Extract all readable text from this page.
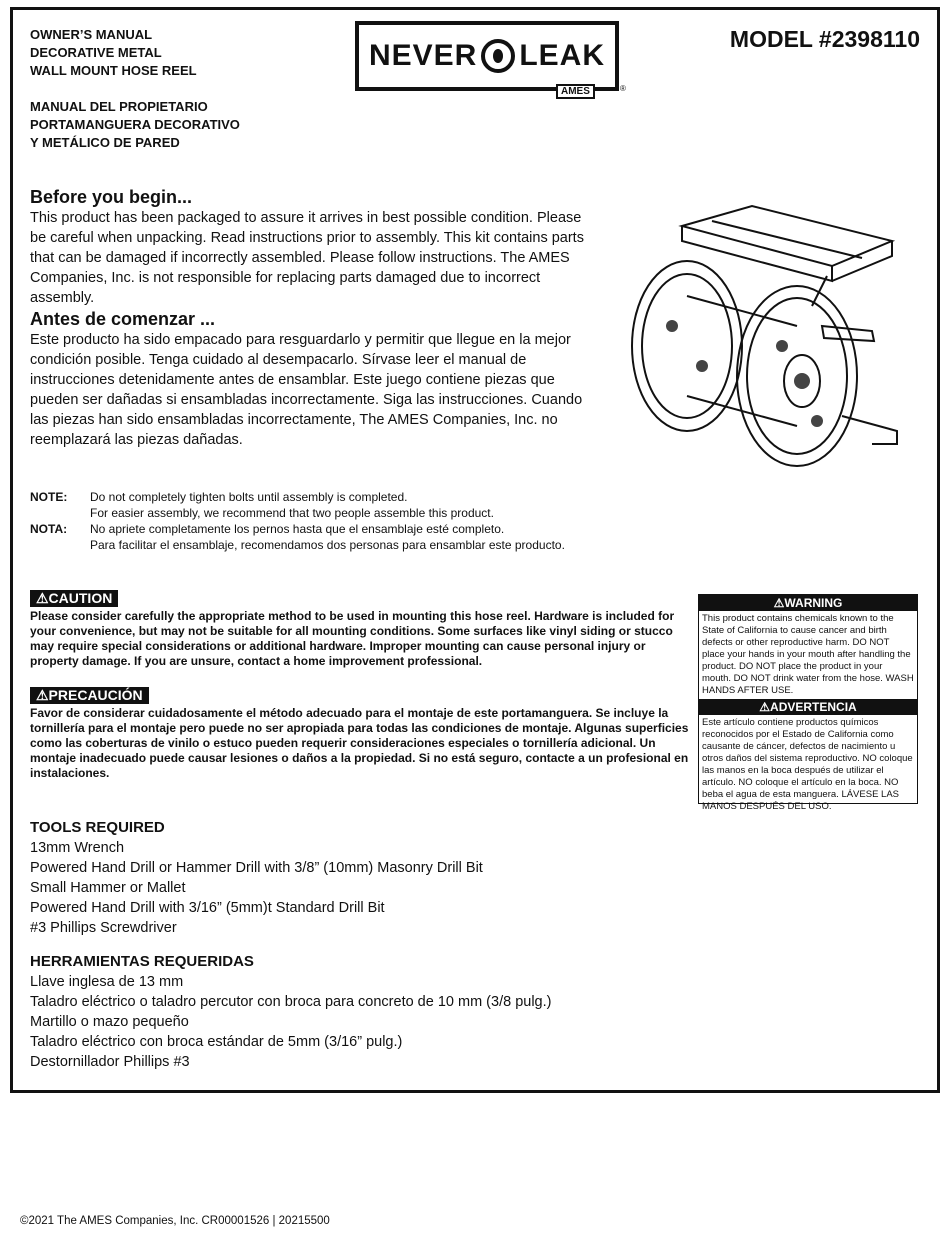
OWNER’S MANUAL
DECORATIVE METAL
WALL MOUNT HOSE REEL
MANUAL DEL PROPIETARIO
PORTAMANGUERA DECORATIVO
Y METÁLICO DE PARED
NEVER LEAK
AMES	®
MODEL #2398110
Before you begin...

This product has been packaged to assure it arrives in best possible condition. Please be careful when unpacking. Read instructions prior to assembly. This kit contains parts that can be damaged if incorrectly assembled. Please follow instructions. The AMES Companies, Inc. is not responsible for replacing parts damaged due to incorrect assembly.

Antes de comenzar ...

Este producto ha sido empacado para resguardarlo y permitir que llegue en la mejor condición posible. Tenga cuidado al desempacarlo. Sírvase leer el manual de instrucciones detenidamente antes de ensamblar. Este juego contiene piezas que pueden ser dañadas si ensambladas incorrectamente. Siga las instrucciones. Cuando las piezas han sido ensambladas incorrectamente, The AMES Companies, Inc. no reemplazará las piezas dañadas.

NOTE:	Do not completely tighten bolts until assembly is completed.
For easier assembly, we recommend that two people assemble this product.
NOTA:	No apriete completamente los pernos hasta que el ensamblaje esté completo.
Para facilitar el ensamblaje, recomendamos dos personas para ensamblar este producto.
⚠CAUTION

Please consider carefully the appropriate method to be used in mounting this hose reel. Hardware is included for your convenience, but may not be suitable for all mounting conditions. Some surfaces like vinyl siding or stucco may require special considerations or additional hardware. Improper mounting can cause personal injury or property damage. If you are unsure, contact a home improvement professional.

⚠PRECAUCIÓN

Favor de considerar cuidadosamente el método adecuado para el montaje de este portamanguera. Se incluye la tornillería para el montaje pero puede no ser apropiada para todas las condiciones de montaje. Algunas superficies como las coberturas de vinilo o estuco pueden requerir consideraciones especiales o tornillería adicional. Un montaje inadecuado puede causar lesiones o daños a la propiedad. Si no está seguro, contacte a un profesional en instalaciones.

⚠WARNING
This product contains chemicals known to the State of California to cause cancer and birth defects or other reproductive harm. DO NOT place your hands in your mouth after handling the product. DO NOT place the product in your mouth. DO NOT drink water from the hose. WASH HANDS AFTER USE.
⚠ADVERTENCIA
Este artículo contiene productos químicos reconocidos por el Estado de California como causante de cáncer, defectos de nacimiento u otros daños del sistema reproductivo. NO coloque las manos en la boca después de utilizar el artículo. NO coloque el artículo en la boca. NO beba el agua de esta manguera. LÁVESE LAS MANOS DESPUÉS DEL USO.
TOOLS REQUIRED
13mm Wrench
Powered Hand Drill or Hammer Drill with 3/8” (10mm) Masonry Drill Bit
Small Hammer or Mallet
Powered Hand Drill with 3/16” (5mm)t Standard Drill Bit
#3 Phillips Screwdriver
HERRAMIENTAS REQUERIDAS
Llave inglesa de 13 mm
Taladro eléctrico o taladro percutor con broca para concreto de 10 mm (3/8 pulg.)
Martillo o mazo pequeño
Taladro eléctrico con broca estándar de 5mm (3/16” pulg.)
Destornillador Phillips #3
©2021 The AMES Companies, Inc. CR00001526 | 20215500
